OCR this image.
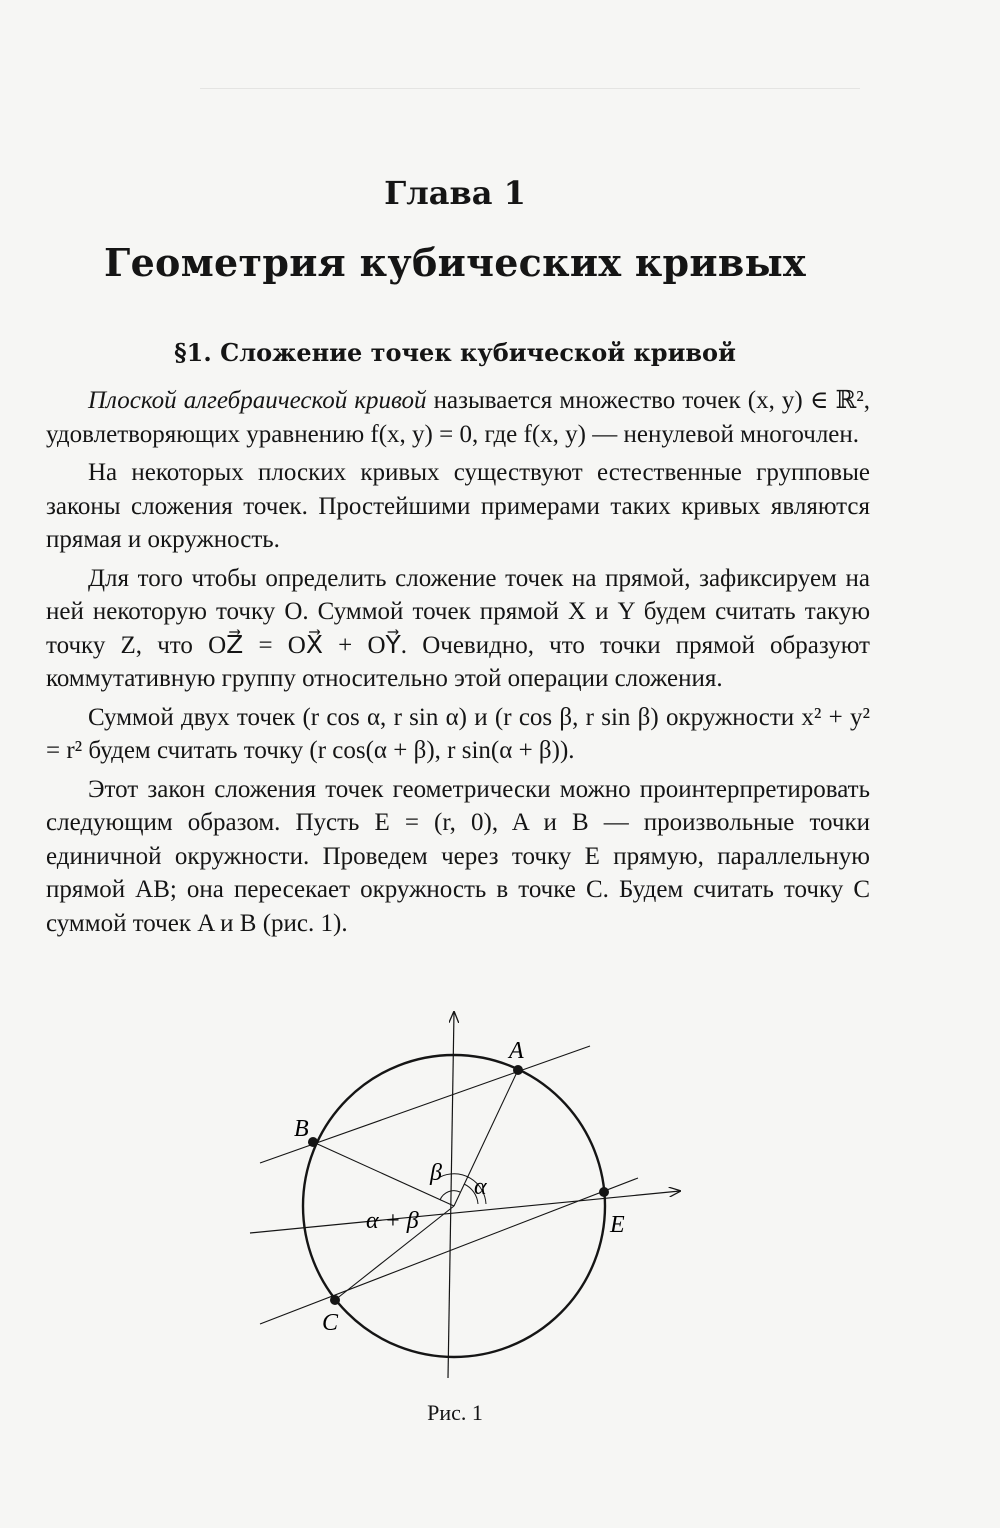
Глава 1
Геометрия кубических кривых
§1. Сложение точек кубической кривой

Плоской алгебраической кривой называется множество точек (x, y) ∈ ℝ², удовлетворяющих уравнению f(x, y) = 0, где f(x, y) — ненулевой многочлен.

На некоторых плоских кривых существуют естественные групповые законы сложения точек. Простейшими примерами таких кривых являются прямая и окружность.

Для того чтобы определить сложение точек на прямой, зафиксируем на ней некоторую точку O. Суммой точек прямой X и Y будем считать такую точку Z, что OZ⃗ = OX⃗ + OY⃗. Очевидно, что точки прямой образуют коммутативную группу относительно этой операции сложения.

Суммой двух точек (r cos α, r sin α) и (r cos β, r sin β) окружности x² + y² = r² будем считать точку (r cos(α + β), r sin(α + β)).

Этот закон сложения точек геометрически можно проинтерпретировать следующим образом. Пусть E = (r, 0), A и B — произвольные точки единичной окружности. Проведем через точку E прямую, параллельную прямой AB; она пересекает окружность в точке C. Будем считать точку C суммой точек A и B (рис. 1).

A
B
C
E
α
β
α + β
Рис. 1
